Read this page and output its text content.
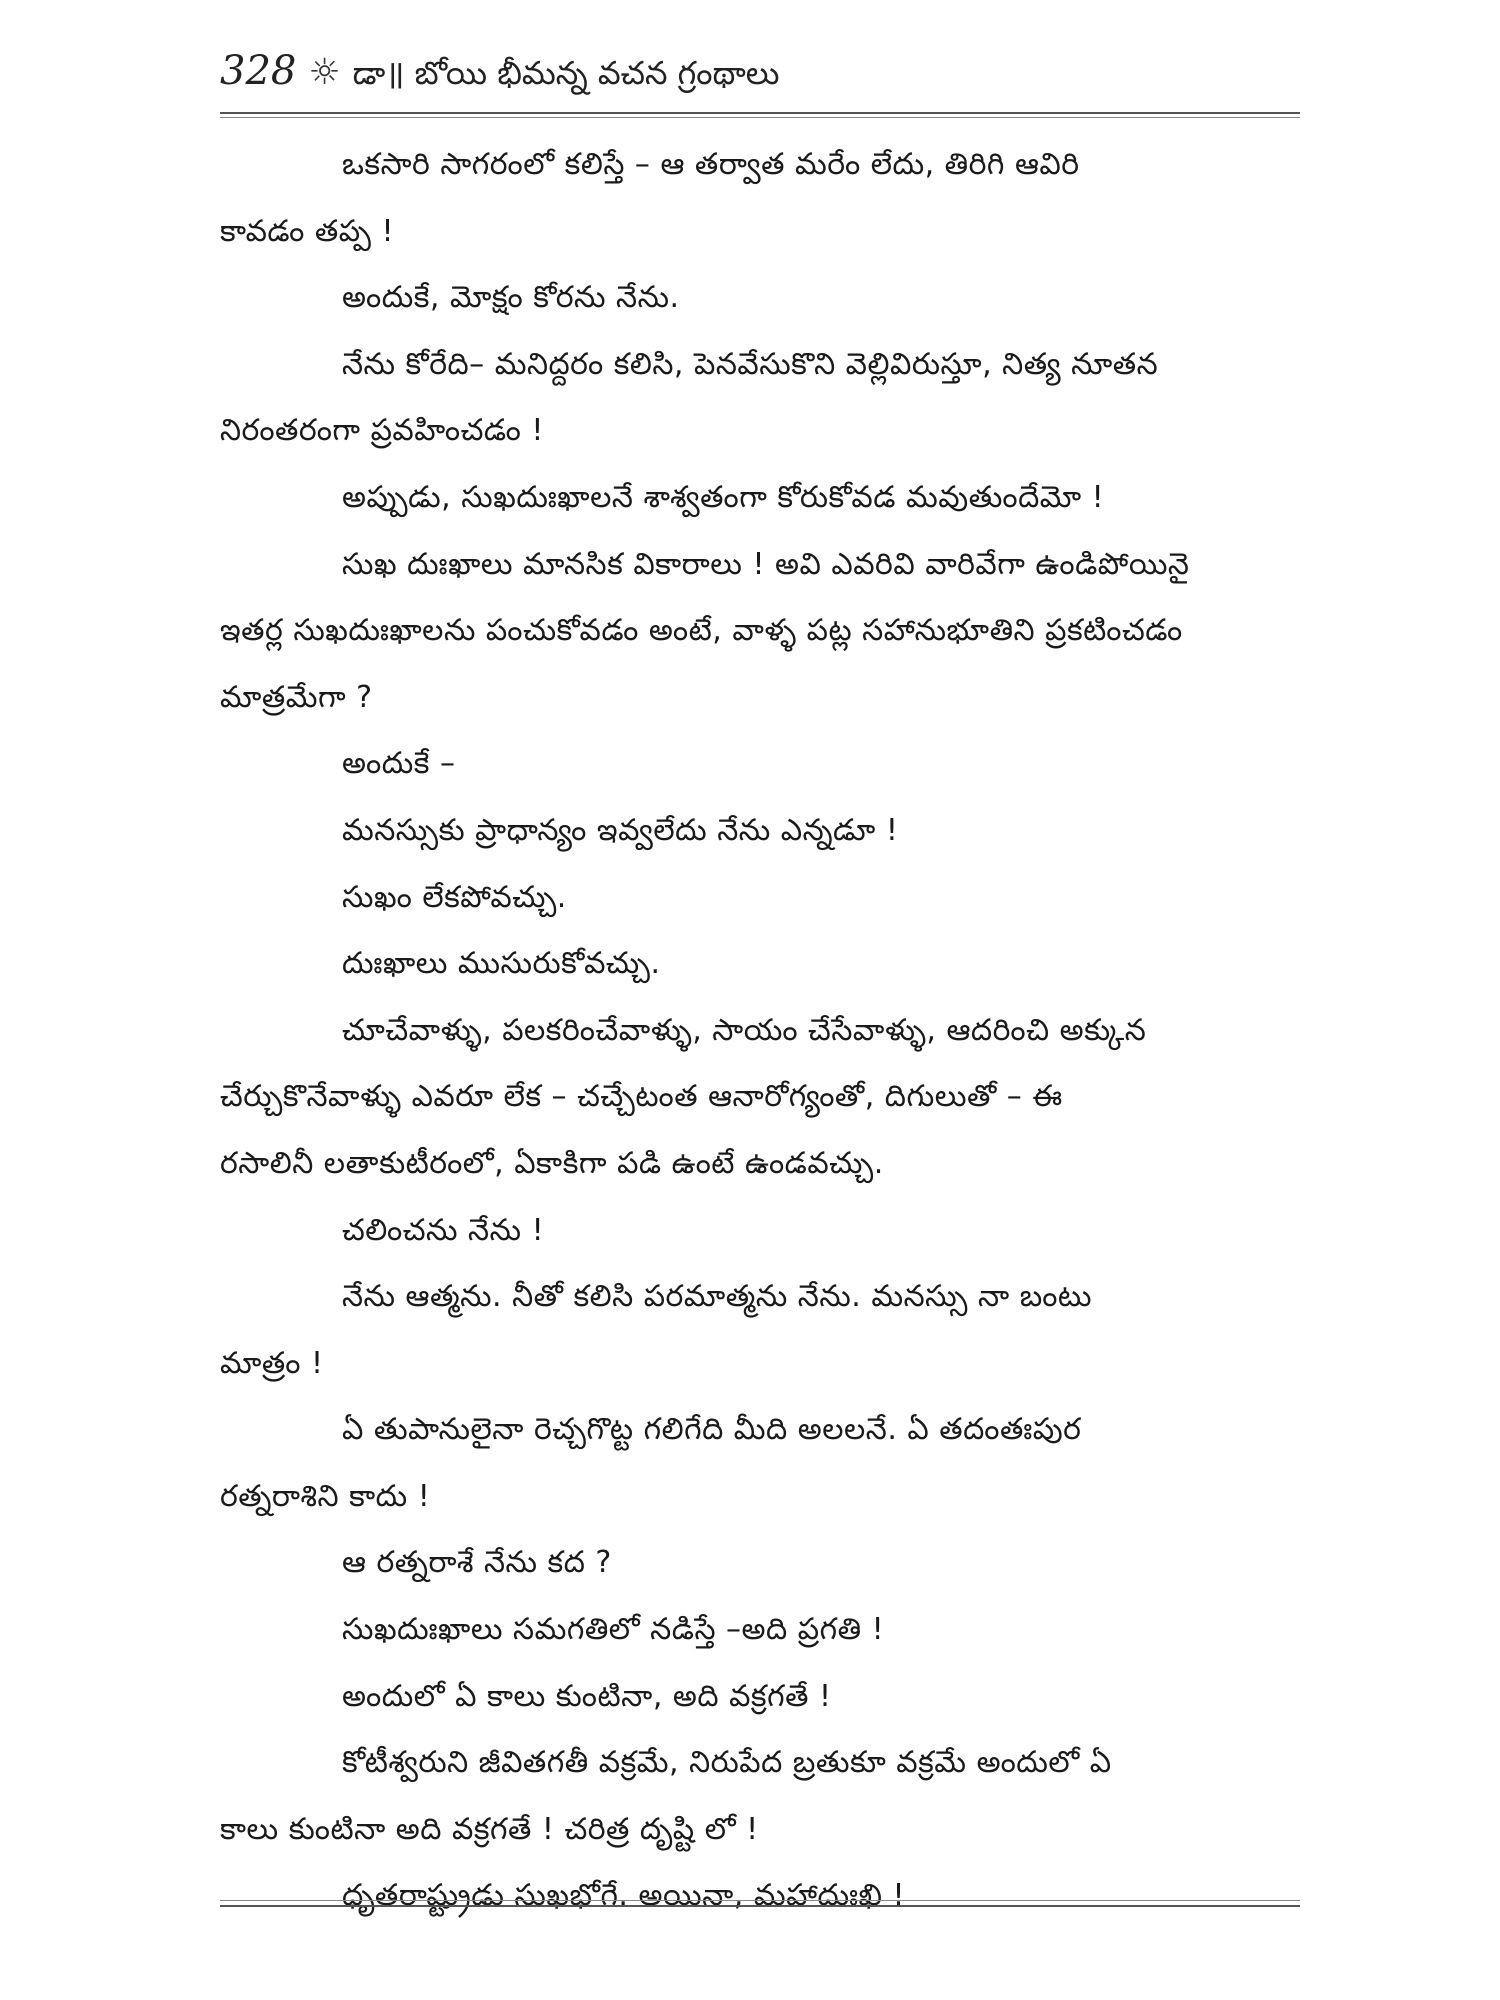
328 ☼ డా॥ బోయి భీమన్న వచన గ్రంథాలు
ఒకసారి సాగరంలో కలిస్తే – ఆ తర్వాత మరేం లేదు, తిరిగి ఆవిరి
కావడం తప్ప !
అందుకే, మోక్షం కోరను నేను.
నేను కోరేది– మనిద్దరం కలిసి, పెనవేసుకొని వెల్లివిరుస్తూ, నిత్య నూతన
నిరంతరంగా ప్రవహించడం !
అప్పుడు, సుఖదుఃఖాలనే శాశ్వతంగా కోరుకోవడ మవుతుందేమో !
సుఖ దుఃఖాలు మానసిక వికారాలు ! అవి ఎవరివి వారివేగా ఉండిపోయినై
ఇతర్ల సుఖదుఃఖాలను పంచుకోవడం అంటే, వాళ్ళ పట్ల సహానుభూతిని ప్రకటించడం
మాత్రమేగా ?
అందుకే –
మనస్సుకు ప్రాధాన్యం ఇవ్వలేదు నేను ఎన్నడూ !
సుఖం లేకపోవచ్చు.
దుఃఖాలు ముసురుకోవచ్చు.
చూచేవాళ్ళు, పలకరించేవాళ్ళు, సాయం చేసేవాళ్ళు, ఆదరించి అక్కున
చేర్చుకొనేవాళ్ళు ఎవరూ లేక – చచ్చేటంత ఆనారోగ్యంతో, దిగులుతో – ఈ
రసాలినీ లతాకుటీరంలో, ఏకాకిగా పడి ఉంటే ఉండవచ్చు.
చలించను నేను !
నేను ఆత్మను. నీతో కలిసి పరమాత్మను నేను. మనస్సు నా బంటు
మాత్రం !
ఏ తుపానులైనా రెచ్చగొట్ట గలిగేది మీది అలలనే. ఏ తదంతఃపుర
రత్నరాశిని కాదు !
ఆ రత్నరాశే నేను కద ?
సుఖదుఃఖాలు సమగతిలో నడిస్తే –అది ప్రగతి !
అందులో ఏ కాలు కుంటినా, అది వక్రగతే !
కోటీశ్వరుని జీవితగతీ వక్రమే, నిరుపేద బ్రతుకూ వక్రమే అందులో ఏ
కాలు కుంటినా అది వక్రగతే ! చరిత్ర దృష్టి లో !
ధృతరాష్ట్రుడు సుఖభోగే. అయినా, మహాదుఃఖి !
